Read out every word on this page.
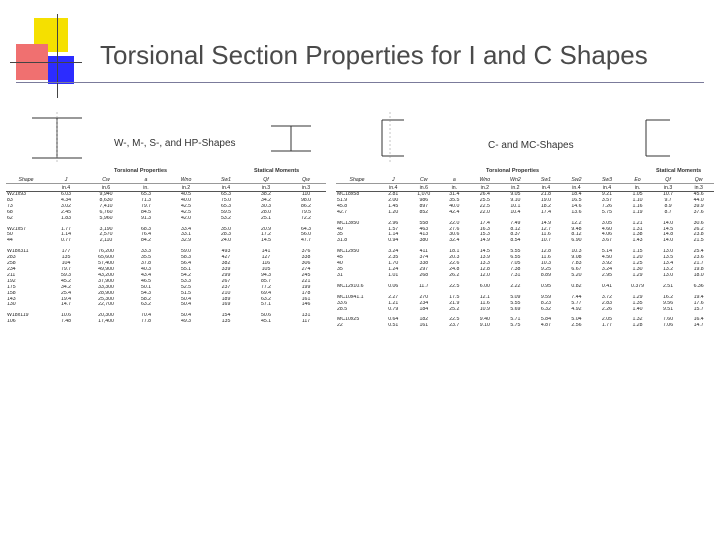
Torsional Section Properties for I and C Shapes
W-, M-, S-, and HP-Shapes
Torsional Properties	Statical Moments
Shape	J	Cw	a	Wno	Sw1	Qf	Qw
	in.4	in.6	in.	in.2	in.4	in.3	in.3
W21x93	6.03	9,940	65.3	40.5	65.3	38.2	110
83	4.34	8,630	71.3	40.0	75.0	34.2	98.0
73	3.02	7,410	79.7	42.5	65.3	30.3	86.2
68	2.45	6,760	84.5	42.5	59.5	28.0	79.5
62	1.83	5,960	91.3	42.0	53.2	25.1	72.2

W21x57	1.77	3,190	68.3	33.4	35.0	20.9	64.3
50	1.14	2,570	76.4	33.1	28.3	17.2	56.0
44	0.77	2,110	84.2	32.9	24.0	14.5	47.7

W18x311	177	76,200	33.3	59.0	493	141	376
283	135	65,600	35.5	58.3	427	127	338
258	104	57,400	37.8	56.4	382	116	306
234	79.7	49,900	40.3	55.1	339	105	274
211	59.3	43,200	43.4	54.2	299	94.3	245
192	45.2	37,900	46.5	53.3	267	85.7	221
175	34.2	33,300	50.1	52.5	237	77.2	199
158	25.4	28,900	54.3	51.5	210	69.4	178
143	19.4	25,300	58.2	50.4	189	63.2	161
130	14.7	22,700	63.2	50.4	169	57.1	146

W18x119	10.6	20,300	70.4	50.4	154	50.6	131
106	7.48	17,400	77.8	49.3	135	45.1	117
C- and MC-Shapes
Torsional Properties	Statical Moments
Shape	J	Cw	a	Wno	Wn2	Sw1	Sw2	Sw3	Eo	Qf	Qw
	in.4	in.6	in.	in.2	in.2	in.4	in.4	in.4	in.	in.3	in.3
MC18x58	2.81	1,070	31.4	26.4	9.05	21.8	18.4	9.21	1.05	10.7	45.6
51.9	2.00	986	35.5	25.5	9.10	19.0	16.5	3.57	1.10	9.7	44.0
45.8	1.45	897	40.0	22.5	10.1	18.2	14.6	7.26	1.16	8.9	39.9
42.7	1.20	852	42.4	22.0	10.4	17.4	13.6	5.75	1.19	8.7	37.6

MC13x50	2.96	558	22.0	17.4	7.49	14.9	12.2	3.05	1.21	14.0	30.6
40	1.57	463	27.6	16.3	8.12	12.7	9.48	4.60	1.31	14.5	26.2
35	1.14	413	30.6	15.3	8.37	11.6	8.12	4.06	1.38	14.8	23.8
31.8	0.94	380	32.4	14.9	8.54	10.7	6.90	3.67	1.43	14.0	21.5

MC12x50	3.24	411	18.1	14.5	5.55	12.8	10.3	5.14	1.15	13.0	25.4
45	2.35	374	20.3	13.9	6.55	11.6	9.08	4.50	1.20	13.5	23.6
40	1.70	338	22.6	13.3	7.05	10.3	7.83	3.92	1.25	13.4	21.7
35	1.24	297	24.8	12.8	7.38	9.25	6.67	3.24	1.30	13.2	19.8
31	1.01	268	26.2	12.0	7.31	8.89	5.20	2.95	1.29	13.0	18.0

MC12x10.6	0.06	11.7	22.5	6.00	2.22	0.95	0.82	0.41	0.379	2.51	6.36

MC10x41.1	2.27	270	17.5	12.1	5.09	9.59	7.44	3.72	1.29	16.2	19.4
33.6	1.21	234	21.9	11.6	5.55	8.23	5.77	2.83	1.35	9.56	17.6
28.5	0.79	184	25.2	10.9	5.69	6.32	4.92	2.26	1.40	9.51	15.7

MC10x25	0.64	182	22.5	9.40	5.71	5.84	5.04	2.05	1.32	7.60	16.4
22	0.51	161	23.7	9.10	5.75	4.87	2.56	1.77	1.28	7.06	14.7
